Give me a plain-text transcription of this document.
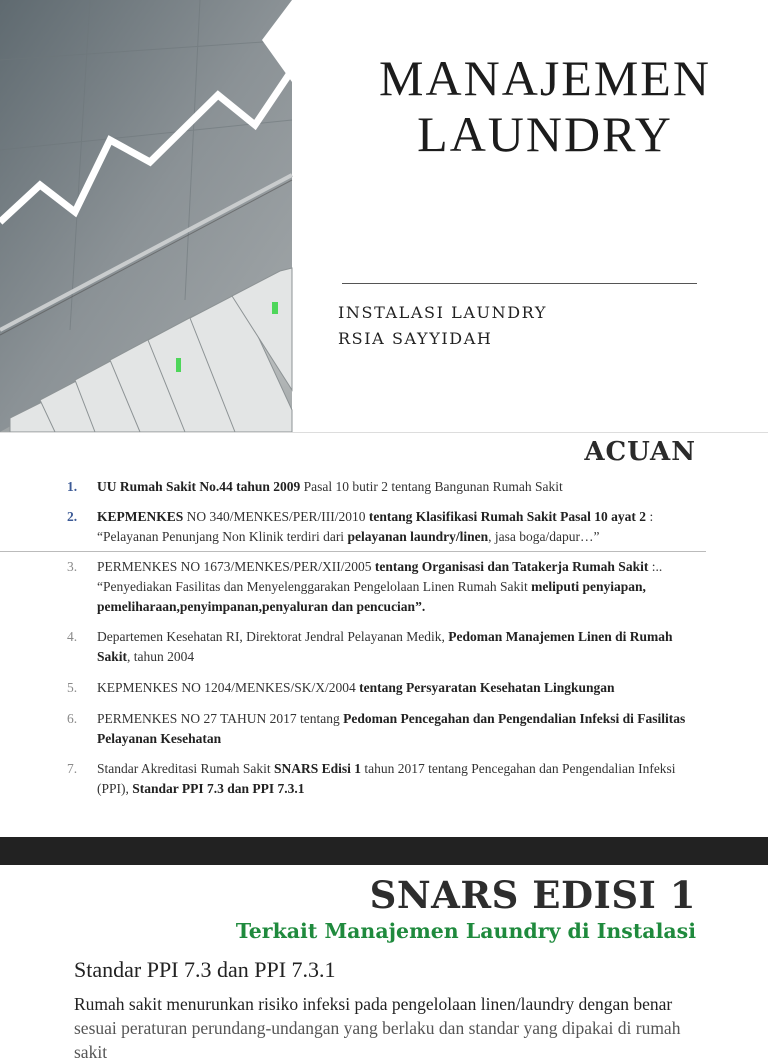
MANAJEMEN
LAUNDRY
INSTALASI LAUNDRY
RSIA SAYYIDAH
ACUAN
1.	UU Rumah Sakit No.44 tahun 2009 Pasal 10 butir 2 tentang Bangunan Rumah Sakit
2.	KEPMENKES NO 340/MENKES/PER/III/2010 tentang Klasifikasi Rumah Sakit Pasal 10 ayat 2 : “Pelayanan Penunjang Non Klinik terdiri dari pelayanan laundry/linen, jasa boga/dapur…”
3.	PERMENKES NO 1673/MENKES/PER/XII/2005 tentang Organisasi dan Tatakerja Rumah Sakit :.. “Penyediakan Fasilitas dan Menyelenggarakan Pengelolaan Linen Rumah Sakit meliputi penyiapan, pemeliharaan,penyimpanan,penyaluran dan pencucian”.
4.	Departemen Kesehatan RI, Direktorat Jendral Pelayanan Medik, Pedoman Manajemen Linen di Rumah Sakit, tahun 2004
5.	KEPMENKES NO 1204/MENKES/SK/X/2004 tentang Persyaratan Kesehatan Lingkungan
6.	PERMENKES NO 27 TAHUN 2017 tentang Pedoman Pencegahan dan Pengendalian Infeksi di Fasilitas Pelayanan Kesehatan
7.	Standar Akreditasi Rumah Sakit SNARS Edisi 1 tahun 2017 tentang Pencegahan dan Pengendalian Infeksi (PPI), Standar PPI 7.3 dan PPI 7.3.1
SNARS EDISI 1
Terkait Manajemen Laundry di Instalasi
Standar PPI 7.3 dan PPI 7.3.1
Rumah sakit menurunkan risiko infeksi pada pengelolaan linen/laundry dengan benar
sesuai peraturan perundang-undangan yang berlaku dan standar yang dipakai di rumah sakit
